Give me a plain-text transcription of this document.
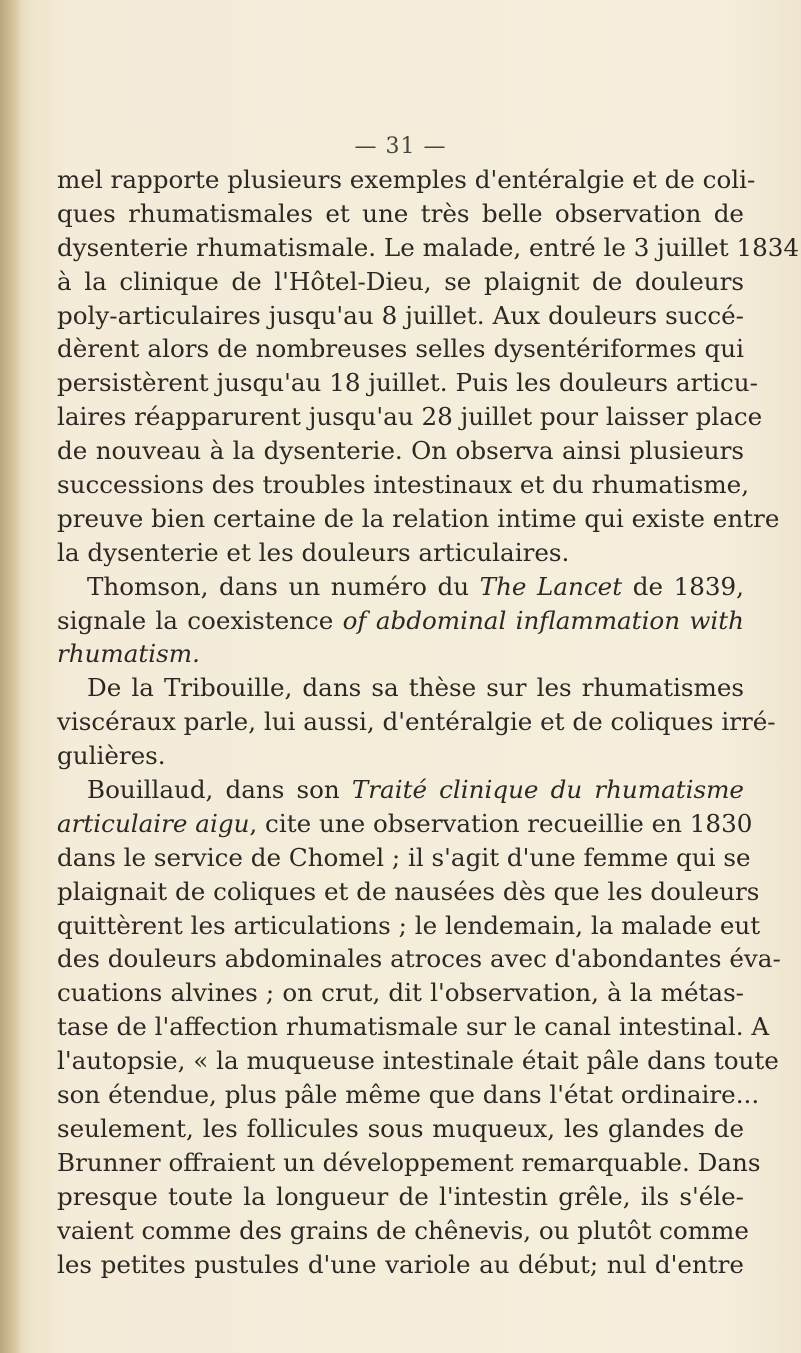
— 31 —
mel rapporte plusieurs exemples d'entéralgie et de coli-
ques rhumatismales et une très belle observation de
dysenterie rhumatismale. Le malade, entré le 3 juillet 1834
à la clinique de l'Hôtel-Dieu, se plaignit de douleurs
poly-articulaires jusqu'au 8 juillet. Aux douleurs succé-
dèrent alors de nombreuses selles dysentériformes qui
persistèrent jusqu'au 18 juillet. Puis les douleurs articu-
laires réapparurent jusqu'au 28 juillet pour laisser place
de nouveau à la dysenterie. On observa ainsi plusieurs
successions des troubles intestinaux et du rhumatisme,
preuve bien certaine de la relation intime qui existe entre
la dysenterie et les douleurs articulaires.
Thomson, dans un numéro du The Lancet de 1839,
signale la coexistence of abdominal inflammation with
rhumatism.
De la Tribouille, dans sa thèse sur les rhumatismes
viscéraux parle, lui aussi, d'entéralgie et de coliques irré-
gulières.
Bouillaud, dans son Traité clinique du rhumatisme
articulaire aigu, cite une observation recueillie en 1830
dans le service de Chomel ; il s'agit d'une femme qui se
plaignait de coliques et de nausées dès que les douleurs
quittèrent les articulations ; le lendemain, la malade eut
des douleurs abdominales atroces avec d'abondantes éva-
cuations alvines ; on crut, dit l'observation, à la métas-
tase de l'affection rhumatismale sur le canal intestinal. A
l'autopsie, « la muqueuse intestinale était pâle dans toute
son étendue, plus pâle même que dans l'état ordinaire...
seulement, les follicules sous muqueux, les glandes de
Brunner offraient un développement remarquable. Dans
presque toute la longueur de l'intestin grêle, ils s'éle-
vaient comme des grains de chênevis, ou plutôt comme
les petites pustules d'une variole au début; nul d'entre
